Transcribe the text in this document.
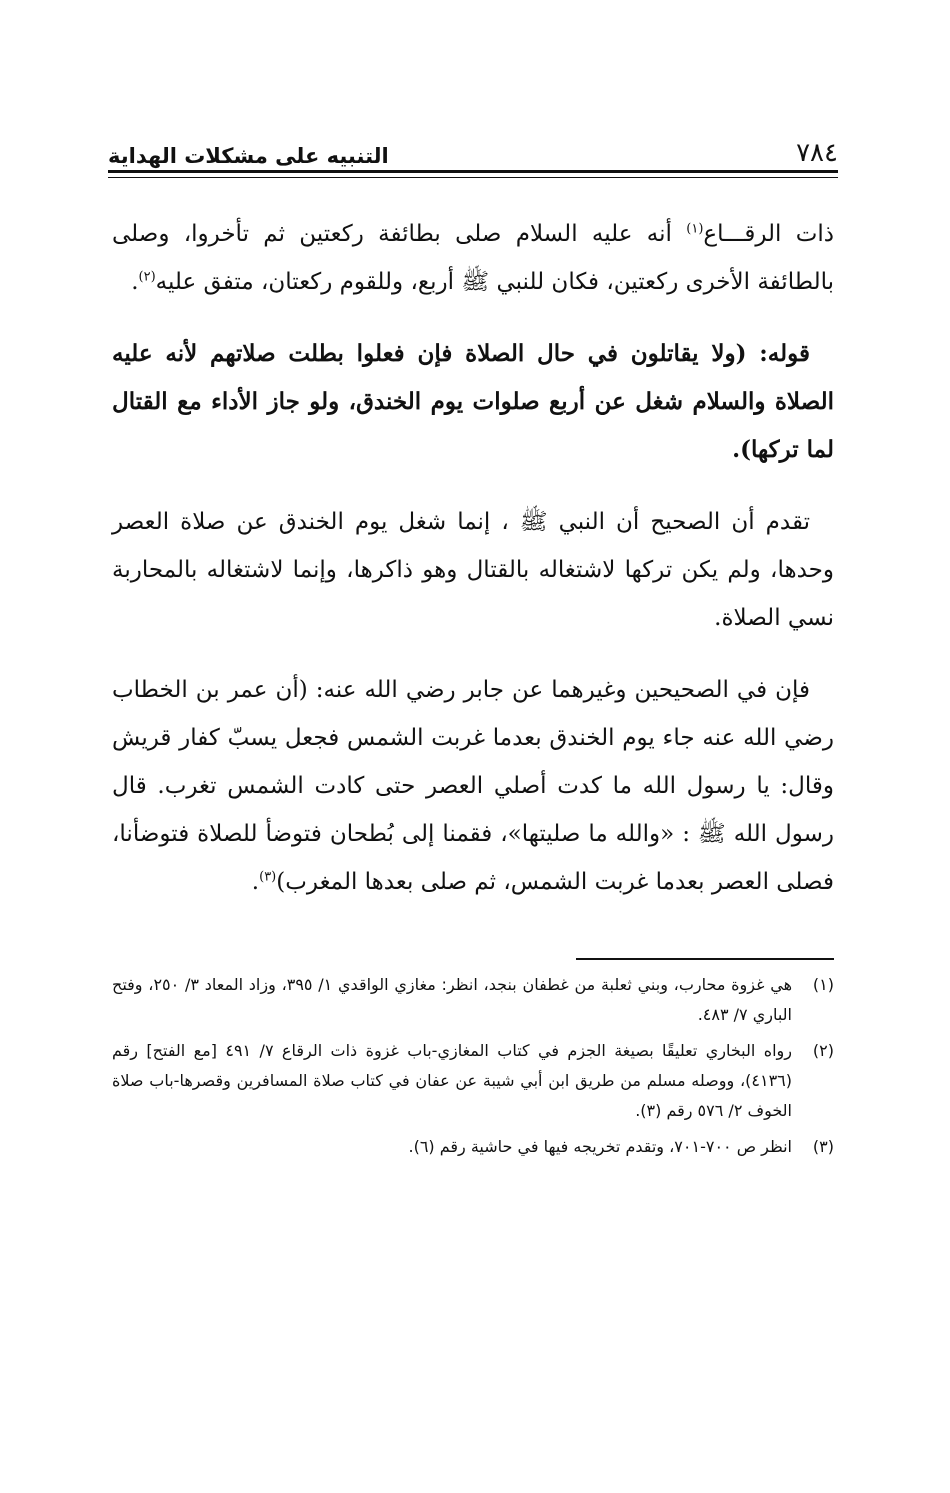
٧٨٤
التنبيه على مشكلات الهداية

ذات الرقـــاع$^{(١)}$ أنه عليه السلام صلى بطائفة ركعتين ثم تأخروا، وصلى بالطائفة الأخرى ركعتين، فكان للنبي ﷺ أربع، وللقوم ركعتان، متفق عليه$^{(٢)}$.

قوله: (ولا يقاتلون في حال الصلاة فإن فعلوا بطلت صلاتهم لأنه عليه الصلاة والسلام شغل عن أربع صلوات يوم الخندق، ولو جاز الأداء مع القتال لما تركها).

تقدم أن الصحيح أن النبي ﷺ ، إنما شغل يوم الخندق عن صلاة العصر وحدها، ولم يكن تركها لاشتغاله بالقتال وهو ذاكرها، وإنما لاشتغاله بالمحاربة نسي الصلاة.

فإن في الصحيحين وغيرهما عن جابر رضي الله عنه: (أن عمر بن الخطاب رضي الله عنه جاء يوم الخندق بعدما غربت الشمس فجعل يسبّ كفار قريش وقال: يا رسول الله ما كدت أصلي العصر حتى كادت الشمس تغرب. قال رسول الله ﷺ : «والله ما صليتها»، فقمنا إلى بُطحان فتوضأ للصلاة فتوضأنا، فصلى العصر بعدما غربت الشمس، ثم صلى بعدها المغرب)$^{(٣)}$.

(١)
هي غزوة محارب، وبني ثعلبة من غطفان بنجد، انظر: مغازي الواقدي ١/ ٣٩٥، وزاد المعاد ٣/ ٢٥٠، وفتح الباري ٧/ ٤٨٣.
(٢)
رواه البخاري تعليقًا بصيغة الجزم في كتاب المغازي-باب غزوة ذات الرقاع ٧/ ٤٩١ [مع الفتح] رقم (٤١٣٦)، ووصله مسلم من طريق ابن أبي شيبة عن عفان في كتاب صلاة المسافرين وقصرها-باب صلاة الخوف ٢/ ٥٧٦ رقم (٣).
(٣)
انظر ص ٧٠٠-٧٠١، وتقدم تخريجه فيها في حاشية رقم (٦).
